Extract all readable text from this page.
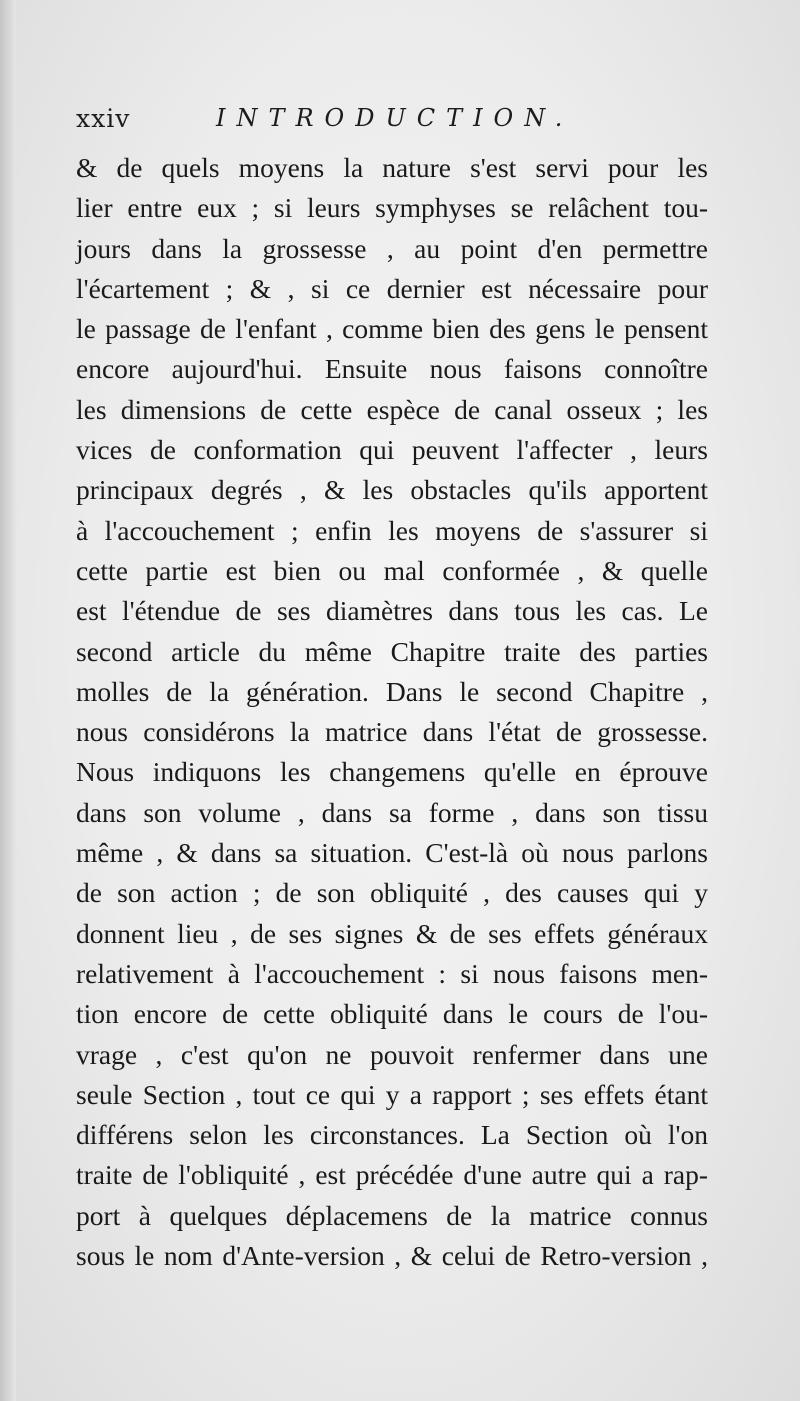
xxiv	INTRODUCTION.
& de quels moyens la nature s'est servi pour les
lier entre eux ; si leurs symphyses se relâchent tou-
jours dans la grossesse , au point d'en permettre
l'écartement ; & , si ce dernier est nécessaire pour
le passage de l'enfant , comme bien des gens le pensent
encore aujourd'hui. Ensuite nous faisons connoître
les dimensions de cette espèce de canal osseux ; les
vices de conformation qui peuvent l'affecter , leurs
principaux degrés , & les obstacles qu'ils apportent
à l'accouchement ; enfin les moyens de s'assurer si
cette partie est bien ou mal conformée , & quelle
est l'étendue de ses diamètres dans tous les cas. Le
second article du même Chapitre traite des parties
molles de la génération. Dans le second Chapitre ,
nous considérons la matrice dans l'état de grossesse.
Nous indiquons les changemens qu'elle en éprouve
dans son volume , dans sa forme , dans son tissu
même , & dans sa situation. C'est-là où nous parlons
de son action ; de son obliquité , des causes qui y
donnent lieu , de ses signes & de ses effets généraux
relativement à l'accouchement : si nous faisons men-
tion encore de cette obliquité dans le cours de l'ou-
vrage , c'est qu'on ne pouvoit renfermer dans une
seule Section , tout ce qui y a rapport ; ses effets étant
différens selon les circonstances. La Section où l'on
traite de l'obliquité , est précédée d'une autre qui a rap-
port à quelques déplacemens de la matrice connus
sous le nom d'Ante-version , & celui de Retro-version ,
